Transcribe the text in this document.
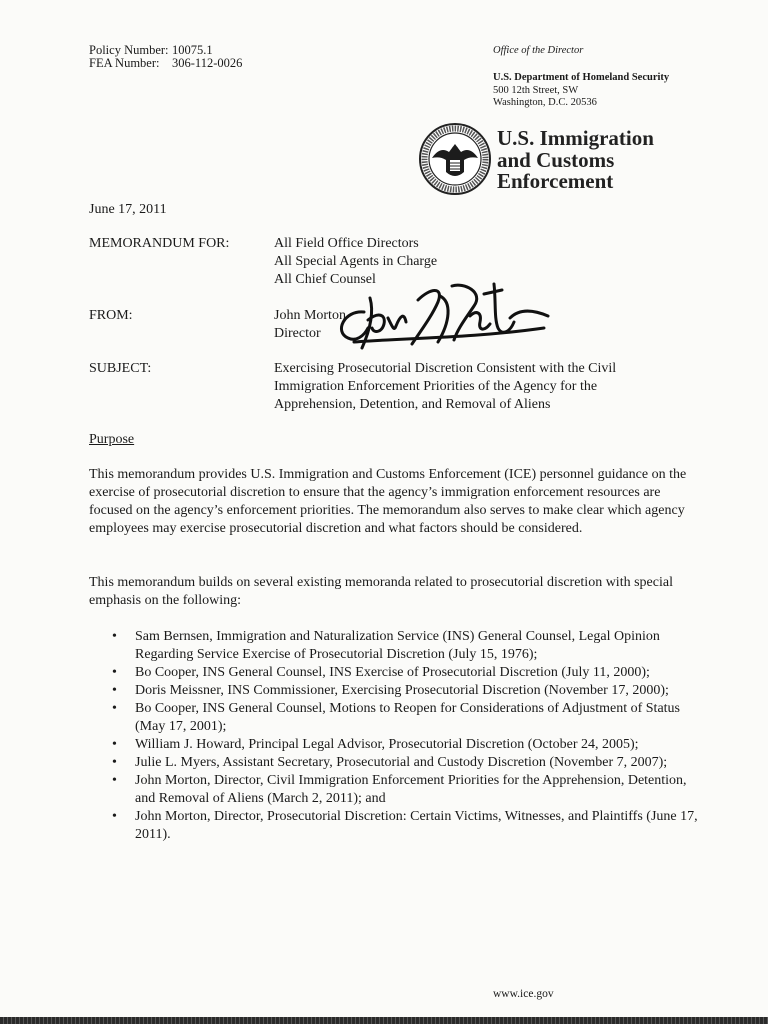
Policy Number: 10075.1
FEA Number:	306-112-0026
Office of the Director
U.S. Department of Homeland Security
500 12th Street, SW
Washington, D.C. 20536
U.S. Immigration
and Customs
Enforcement
June 17, 2011
MEMORANDUM FOR:	All Field Office Directors
All Special Agents in Charge
All Chief Counsel
FROM:	John Morton
Director
SUBJECT:	Exercising Prosecutorial Discretion Consistent with the Civil
Immigration Enforcement Priorities of the Agency for the
Apprehension, Detention, and Removal of Aliens
Purpose
This memorandum provides U.S. Immigration and Customs Enforcement (ICE) personnel guidance on the exercise of prosecutorial discretion to ensure that the agency’s immigration enforcement resources are focused on the agency’s enforcement priorities. The memorandum also serves to make clear which agency employees may exercise prosecutorial discretion and what factors should be considered.
This memorandum builds on several existing memoranda related to prosecutorial discretion with special emphasis on the following:
• Sam Bernsen, Immigration and Naturalization Service (INS) General Counsel, Legal Opinion Regarding Service Exercise of Prosecutorial Discretion (July 15, 1976);
• Bo Cooper, INS General Counsel, INS Exercise of Prosecutorial Discretion (July 11, 2000);
• Doris Meissner, INS Commissioner, Exercising Prosecutorial Discretion (November 17, 2000);
• Bo Cooper, INS General Counsel, Motions to Reopen for Considerations of Adjustment of Status (May 17, 2001);
• William J. Howard, Principal Legal Advisor, Prosecutorial Discretion (October 24, 2005);
• Julie L. Myers, Assistant Secretary, Prosecutorial and Custody Discretion (November 7, 2007);
• John Morton, Director, Civil Immigration Enforcement Priorities for the Apprehension, Detention, and Removal of Aliens (March 2, 2011); and
• John Morton, Director, Prosecutorial Discretion: Certain Victims, Witnesses, and Plaintiffs (June 17, 2011).
www.ice.gov
